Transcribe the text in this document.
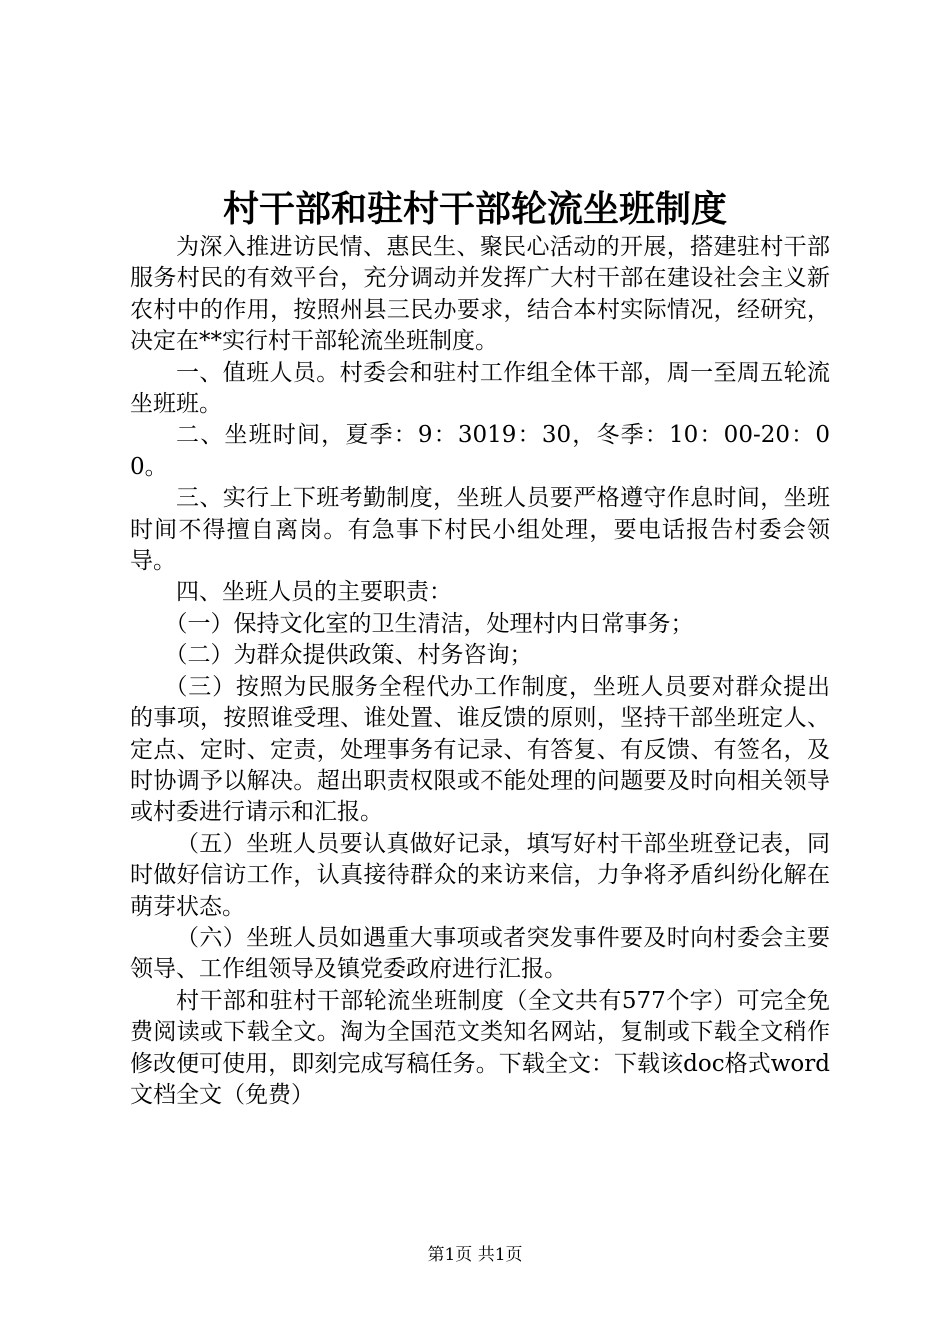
村干部和驻村干部轮流坐班制度

为深入推进访民情、惠民生、聚民心活动的开展，搭建驻村干部服务村民的有效平台，充分调动并发挥广大村干部在建设社会主义新农村中的作用，按照州县三民办要求，结合本村实际情况，经研究，决定在**实行村干部轮流坐班制度。

一、值班人员。村委会和驻村工作组全体干部，周一至周五轮流坐班班。

二、坐班时间，夏季：9：3019：30，冬季：10：00-20：00。

三、实行上下班考勤制度，坐班人员要严格遵守作息时间，坐班时间不得擅自离岗。有急事下村民小组处理，要电话报告村委会领导。

四、坐班人员的主要职责：

（一）保持文化室的卫生清洁，处理村内日常事务；

（二）为群众提供政策、村务咨询；

（三）按照为民服务全程代办工作制度，坐班人员要对群众提出的事项，按照谁受理、谁处置、谁反馈的原则，坚持干部坐班定人、定点、定时、定责，处理事务有记录、有答复、有反馈、有签名，及时协调予以解决。超出职责权限或不能处理的问题要及时向相关领导或村委进行请示和汇报。

（五）坐班人员要认真做好记录，填写好村干部坐班登记表，同时做好信访工作，认真接待群众的来访来信，力争将矛盾纠纷化解在萌芽状态。

（六）坐班人员如遇重大事项或者突发事件要及时向村委会主要领导、工作组领导及镇党委政府进行汇报。

村干部和驻村干部轮流坐班制度（全文共有577个字）可完全免费阅读或下载全文。淘为全国范文类知名网站，复制或下载全文稍作修改便可使用，即刻完成写稿任务。下载全文：下载该doc格式word文档全文（免费）

第1页 共1页
